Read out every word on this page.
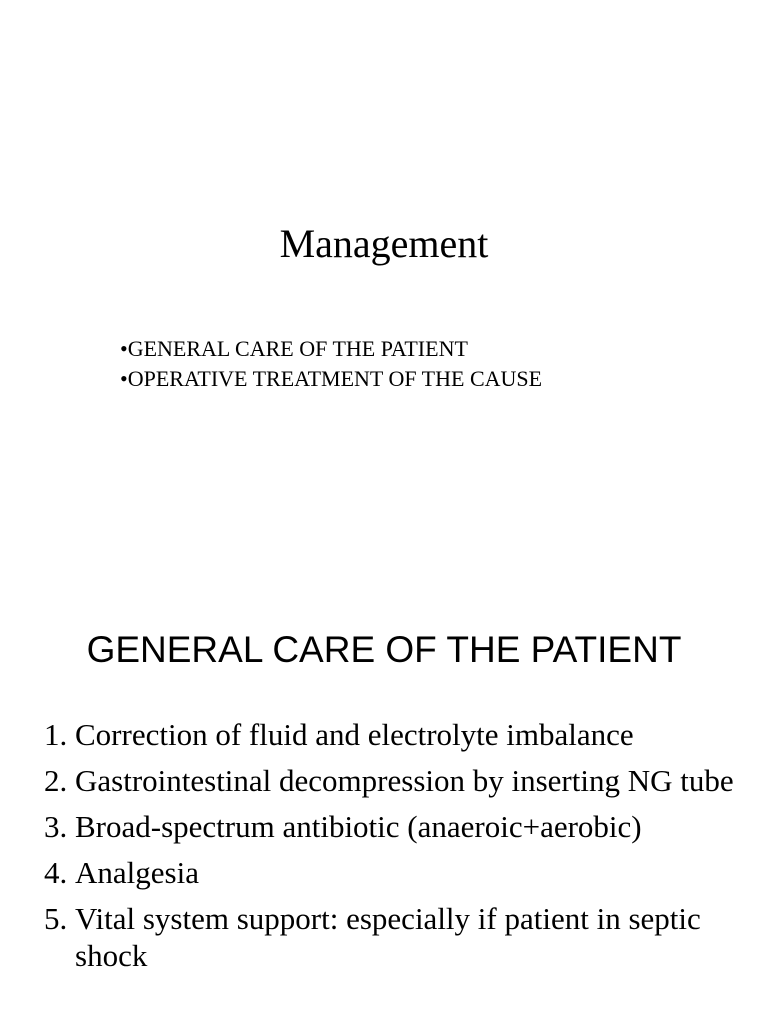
Management
•GENERAL CARE OF THE PATIENT
•OPERATIVE TREATMENT OF THE CAUSE
GENERAL CARE OF THE PATIENT
1. Correction of fluid and electrolyte imbalance
2. Gastrointestinal decompression by inserting NG tube
3. Broad-spectrum antibiotic (anaeroic+aerobic)
4. Analgesia
5. Vital system support: especially if patient in septic shock
